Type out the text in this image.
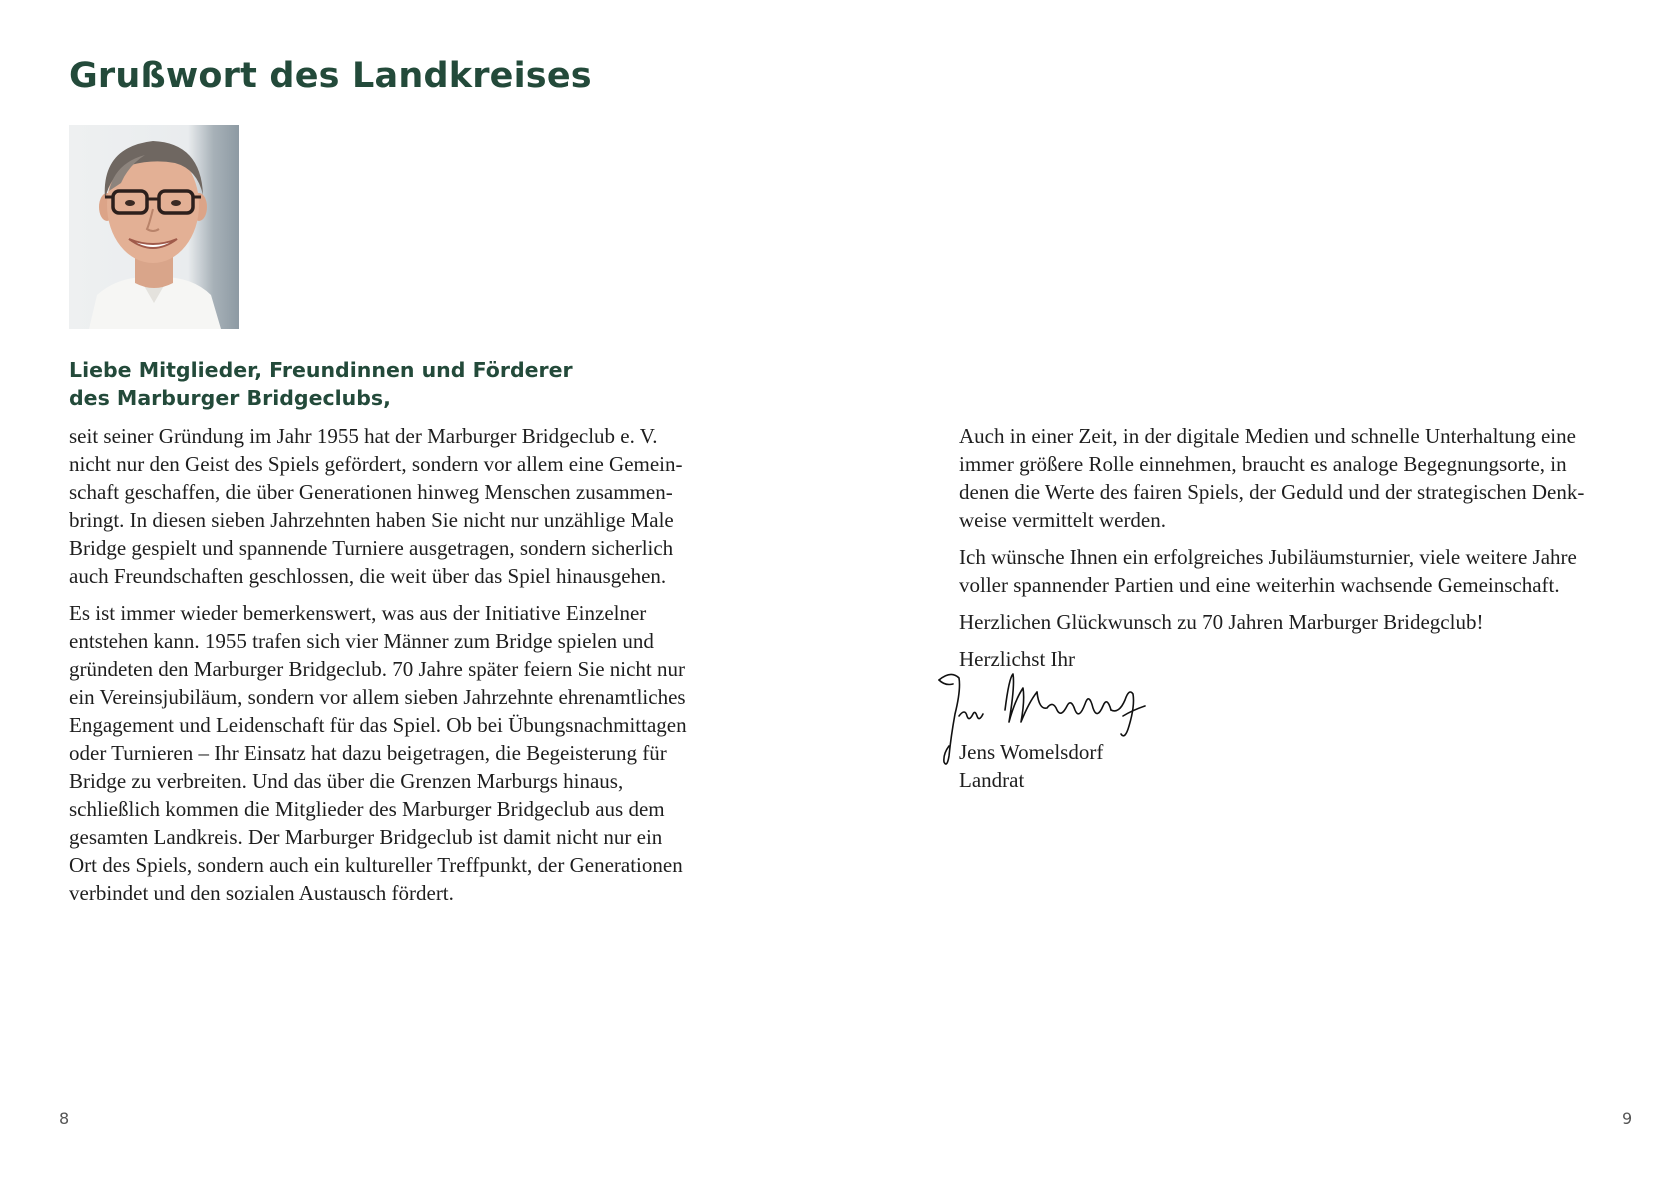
Grußwort des Landkreises
Liebe Mitglieder, Freundinnen und Förderer
des Marburger Bridgeclubs,

seit seiner Gründung im Jahr 1955 hat der Marburger Bridgeclub e. V.
nicht nur den Geist des Spiels gefördert, sondern vor allem eine Gemein-
schaft geschaffen, die über Generationen hinweg Menschen zusammen-
bringt. In diesen sieben Jahrzehnten haben Sie nicht nur unzählige Male
Bridge gespielt und spannende Turniere ausgetragen, sondern sicherlich
auch Freundschaften geschlossen, die weit über das Spiel hinausgehen.

Es ist immer wieder bemerkenswert, was aus der Initiative Einzelner
entstehen kann. 1955 trafen sich vier Männer zum Bridge spielen und
gründeten den Marburger Bridgeclub. 70 Jahre später feiern Sie nicht nur
ein Vereinsjubiläum, sondern vor allem sieben Jahrzehnte ehrenamtliches
Engagement und Leidenschaft für das Spiel. Ob bei Übungsnachmittagen
oder Turnieren – Ihr Einsatz hat dazu beigetragen, die Begeisterung für
Bridge zu verbreiten. Und das über die Grenzen Marburgs hinaus,
schließlich kommen die Mitglieder des Marburger Bridgeclub aus dem
gesamten Landkreis. Der Marburger Bridgeclub ist damit nicht nur ein
Ort des Spiels, sondern auch ein kultureller Treffpunkt, der Generationen
verbindet und den sozialen Austausch fördert.

8

Auch in einer Zeit, in der digitale Medien und schnelle Unterhaltung eine
immer größere Rolle einnehmen, braucht es analoge Begegnungsorte, in
denen die Werte des fairen Spiels, der Geduld und der strategischen Denk-
weise vermittelt werden.

Ich wünsche Ihnen ein erfolgreiches Jubiläumsturnier, viele weitere Jahre
voller spannender Partien und eine weiterhin wachsende Gemeinschaft.

Herzlichen Glückwunsch zu 70 Jahren Marburger Bridegclub!

Herzlichst Ihr

Jens Womelsdorf
Landrat
9
